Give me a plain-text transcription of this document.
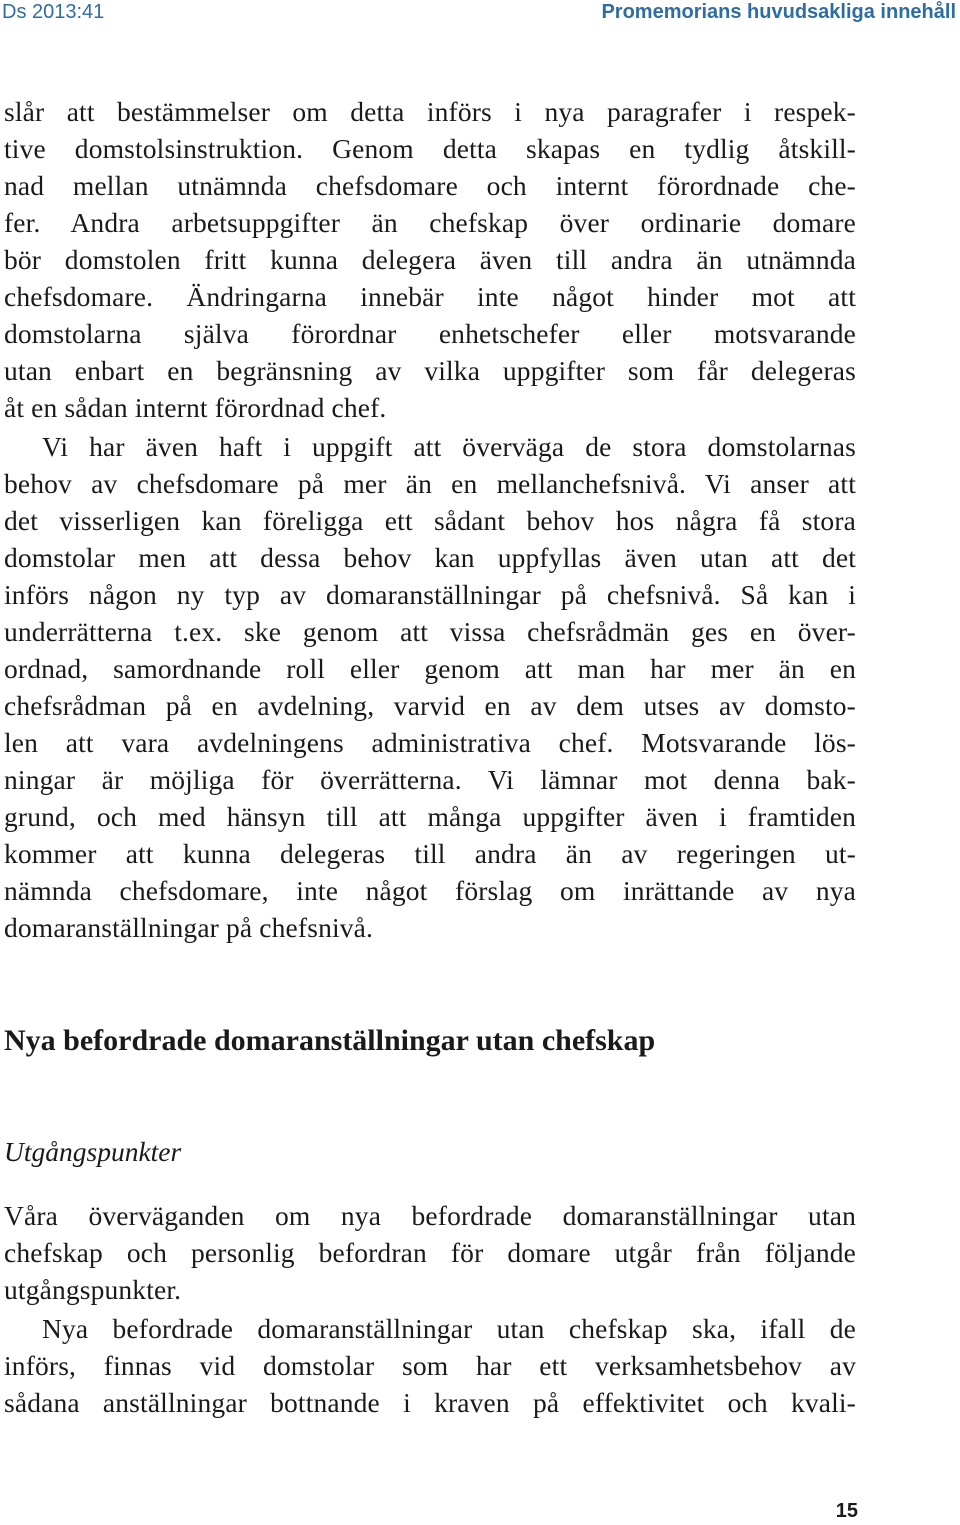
Ds 2013:41	Promemorians huvudsakliga innehåll
slår att bestämmelser om detta införs i nya paragrafer i respek-
tive domstolsinstruktion. Genom detta skapas en tydlig åtskill-
nad mellan utnämnda chefsdomare och internt förordnade che-
fer. Andra arbetsuppgifter än chefskap över ordinarie domare
bör domstolen fritt kunna delegera även till andra än utnämnda
chefsdomare. Ändringarna innebär inte något hinder mot att
domstolarna själva förordnar enhetschefer eller motsvarande
utan enbart en begränsning av vilka uppgifter som får delegeras
åt en sådan internt förordnad chef.
Vi har även haft i uppgift att överväga de stora domstolarnas
behov av chefsdomare på mer än en mellanchefsnivå. Vi anser att
det visserligen kan föreligga ett sådant behov hos några få stora
domstolar men att dessa behov kan uppfyllas även utan att det
införs någon ny typ av domaranställningar på chefsnivå. Så kan i
underrätterna t.ex. ske genom att vissa chefsrådmän ges en över-
ordnad, samordnande roll eller genom att man har mer än en
chefsrådman på en avdelning, varvid en av dem utses av domsto-
len att vara avdelningens administrativa chef. Motsvarande lös-
ningar är möjliga för överrätterna. Vi lämnar mot denna bak-
grund, och med hänsyn till att många uppgifter även i framtiden
kommer att kunna delegeras till andra än av regeringen ut-
nämnda chefsdomare, inte något förslag om inrättande av nya
domaranställningar på chefsnivå.
Nya befordrade domaranställningar utan chefskap
Utgångspunkter
Våra överväganden om nya befordrade domaranställningar utan
chefskap och personlig befordran för domare utgår från följande
utgångspunkter.
Nya befordrade domaranställningar utan chefskap ska, ifall de
införs, finnas vid domstolar som har ett verksamhetsbehov av
sådana anställningar bottnande i kraven på effektivitet och kvali-
15
